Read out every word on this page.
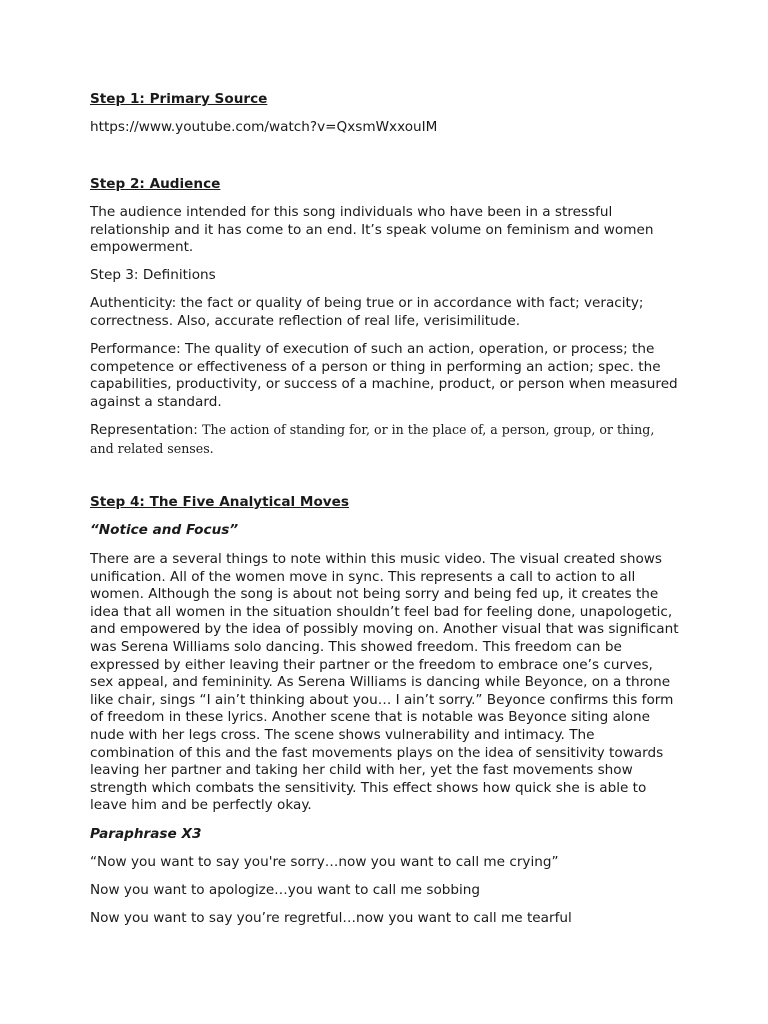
Step 1: Primary Source

https://www.youtube.com/watch?v=QxsmWxxouIM

Step 2: Audience

The audience intended for this song individuals who have been in a stressful relationship and it has come to an end. It’s speak volume on feminism and women empowerment.

Step 3: Definitions

Authenticity: the fact or quality of being true or in accordance with fact; veracity; correctness. Also, accurate reflection of real life, verisimilitude.

Performance: The quality of execution of such an action, operation, or process; the competence or effectiveness of a person or thing in performing an action; spec. the capabilities, productivity, or success of a machine, product, or person when measured against a standard.

Representation: The action of standing for, or in the place of, a person, group, or thing, and related senses.

Step 4: The Five Analytical Moves

“Notice and Focus”

There are a several things to note within this music video. The visual created shows unification. All of the women move in sync. This represents a call to action to all women. Although the song is about not being sorry and being fed up, it creates the idea that all women in the situation shouldn’t feel bad for feeling done, unapologetic, and empowered by the idea of possibly moving on. Another visual that was significant was Serena Williams solo dancing. This showed freedom. This freedom can be expressed by either leaving their partner or the freedom to embrace one’s curves, sex appeal, and femininity. As Serena Williams is dancing while Beyonce, on a throne like chair, sings “I ain’t thinking about you… I ain’t sorry.” Beyonce confirms this form of freedom in these lyrics. Another scene that is notable was Beyonce siting alone nude with her legs cross. The scene shows vulnerability and intimacy. The combination of this and the fast movements plays on the idea of sensitivity towards leaving her partner and taking her child with her, yet the fast movements show strength which combats the sensitivity. This effect shows how quick she is able to leave him and be perfectly okay.

Paraphrase X3

“Now you want to say you're sorry…now you want to call me crying”

Now you want to apologize…you want to call me sobbing

Now you want to say you’re regretful…now you want to call me tearful
